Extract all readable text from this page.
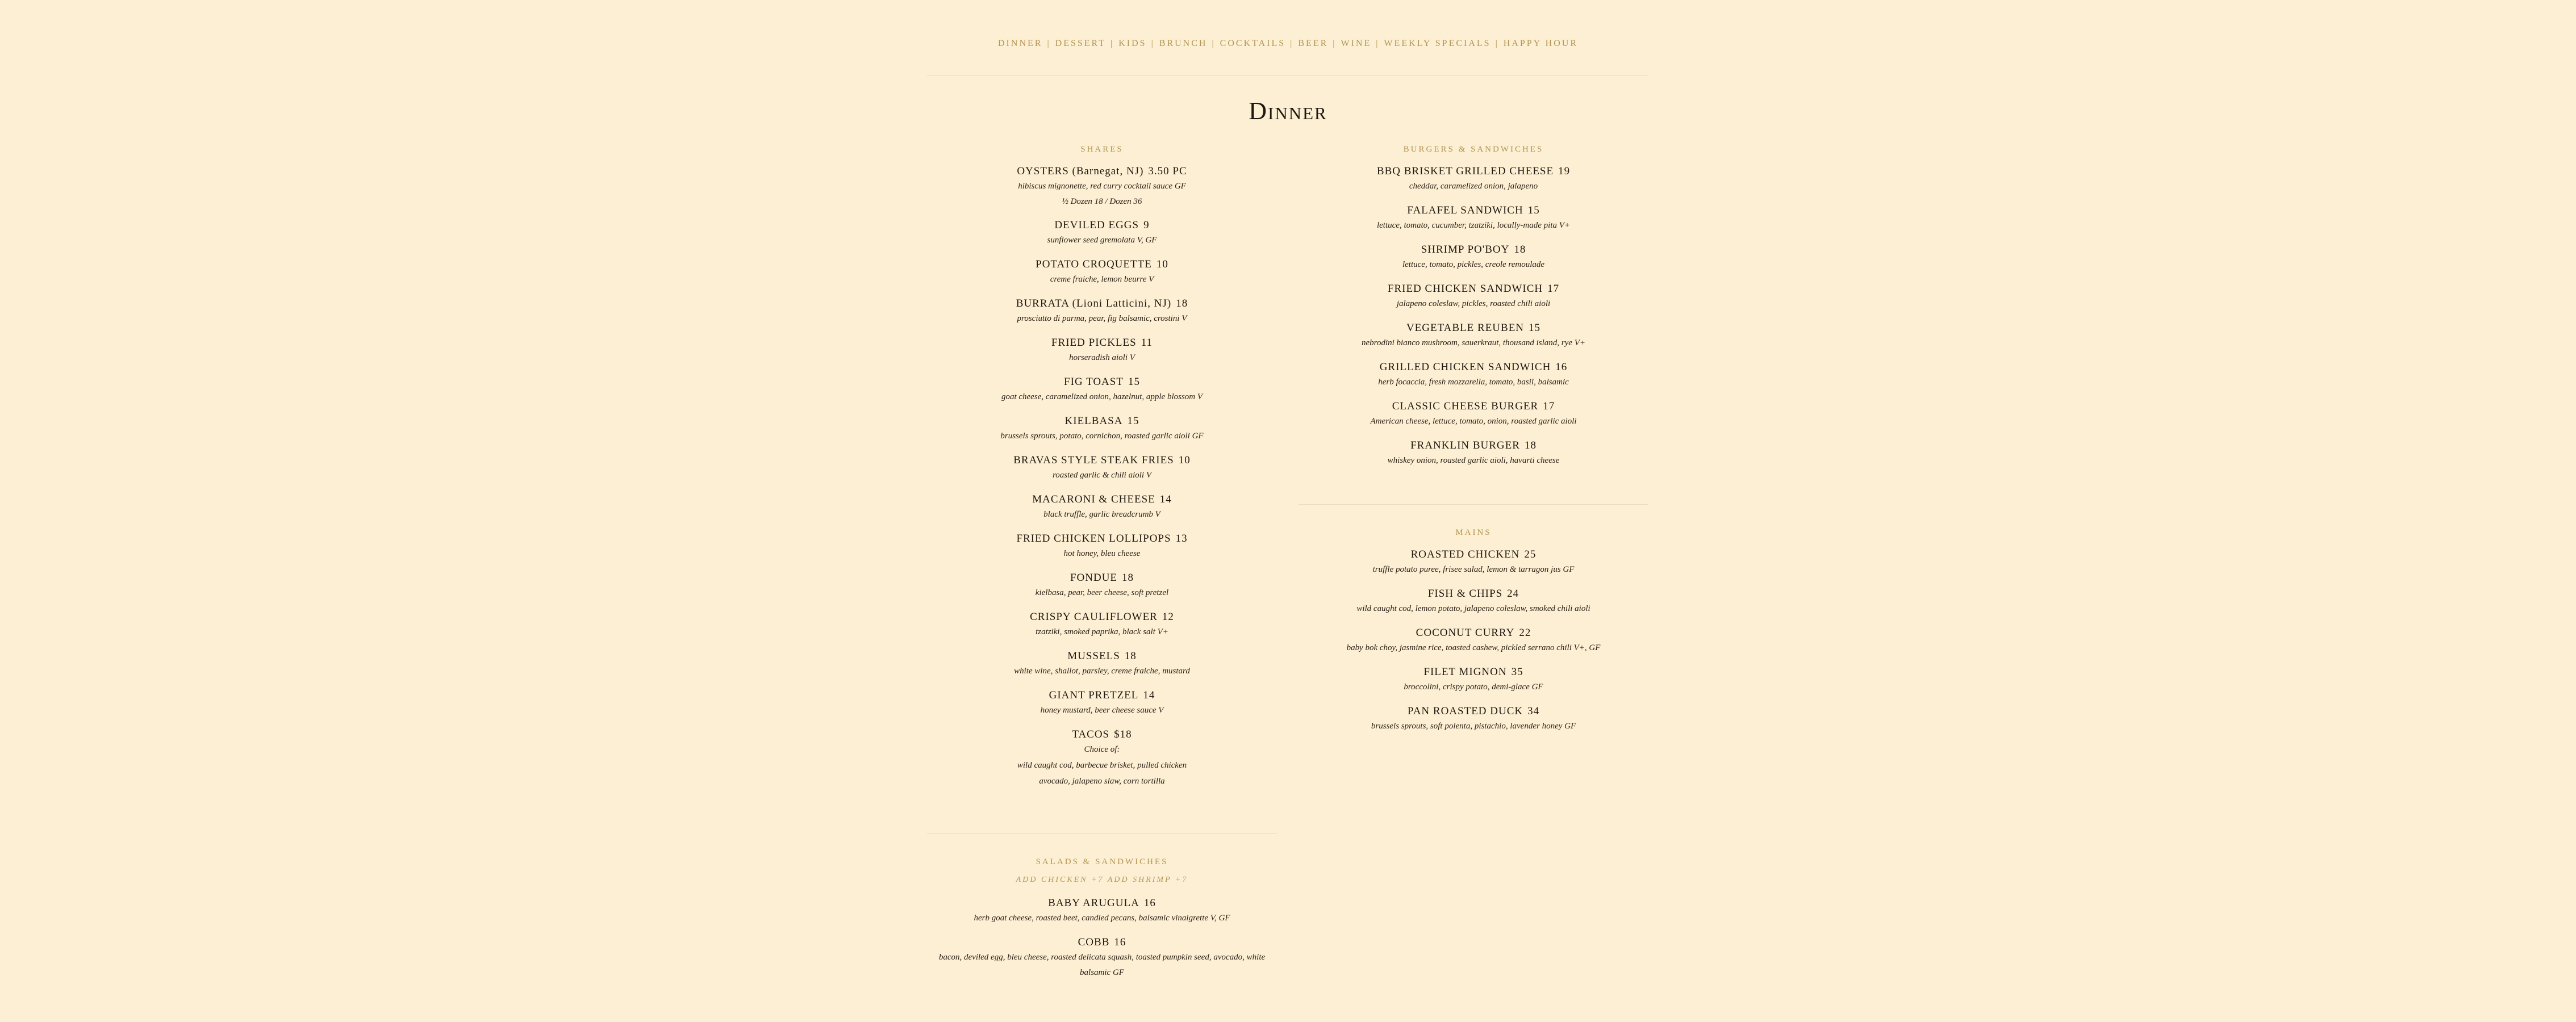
DINNER | DESSERT | KIDS | BRUNCH | COCKTAILS | BEER | WINE | WEEKLY SPECIALS | HAPPY HOUR
Dinner
SHARES
OYSTERS (Barnegat, NJ) 3.50 PC
hibiscus mignonette, red curry cocktail sauce GF
½ Dozen 18 / Dozen 36
DEVILED EGGS 9
sunflower seed gremolata V, GF
POTATO CROQUETTE 10
creme fraiche, lemon beurre V
BURRATA (Lioni Latticini, NJ) 18
prosciutto di parma, pear, fig balsamic, crostini V
FRIED PICKLES 11
horseradish aioli V
FIG TOAST 15
goat cheese, caramelized onion, hazelnut, apple blossom V
KIELBASA 15
brussels sprouts, potato, cornichon, roasted garlic aioli GF
BRAVAS STYLE STEAK FRIES 10
roasted garlic & chili aioli V
MACARONI & CHEESE 14
black truffle, garlic breadcrumb V
FRIED CHICKEN LOLLIPOPS 13
hot honey, bleu cheese
FONDUE 18
kielbasa, pear, beer cheese, soft pretzel
CRISPY CAULIFLOWER 12
tzatziki, smoked paprika, black salt V+
MUSSELS 18
white wine, shallot, parsley, creme fraiche, mustard
GIANT PRETZEL 14
honey mustard, beer cheese sauce V
TACOS $18
Choice of:
wild caught cod, barbecue brisket, pulled chicken
avocado, jalapeno slaw, corn tortilla
SALADS & SANDWICHES
ADD CHICKEN +7 ADD SHRIMP +7
BABY ARUGULA 16
herb goat cheese, roasted beet, candied pecans, balsamic vinaigrette V, GF
COBB 16
bacon, deviled egg, bleu cheese, roasted delicata squash, toasted pumpkin seed, avocado, white
balsamic GF
BURGERS & SANDWICHES
BBQ BRISKET GRILLED CHEESE 19
cheddar, caramelized onion, jalapeno
FALAFEL SANDWICH 15
lettuce, tomato, cucumber, tzatziki, locally-made pita V+
SHRIMP PO'BOY 18
lettuce, tomato, pickles, creole remoulade
FRIED CHICKEN SANDWICH 17
jalapeno coleslaw, pickles, roasted chili aioli
VEGETABLE REUBEN 15
nebrodini bianco mushroom, sauerkraut, thousand island, rye V+
GRILLED CHICKEN SANDWICH 16
herb focaccia, fresh mozzarella, tomato, basil, balsamic
CLASSIC CHEESE BURGER 17
American cheese, lettuce, tomato, onion, roasted garlic aioli
FRANKLIN BURGER 18
whiskey onion, roasted garlic aioli, havarti cheese
MAINS
ROASTED CHICKEN 25
truffle potato puree, frisee salad, lemon & tarragon jus GF
FISH & CHIPS 24
wild caught cod, lemon potato, jalapeno coleslaw, smoked chili aioli
COCONUT CURRY 22
baby bok choy, jasmine rice, toasted cashew, pickled serrano chili V+, GF
FILET MIGNON 35
broccolini, crispy potato, demi-glace GF
PAN ROASTED DUCK 34
brussels sprouts, soft polenta, pistachio, lavender honey GF
